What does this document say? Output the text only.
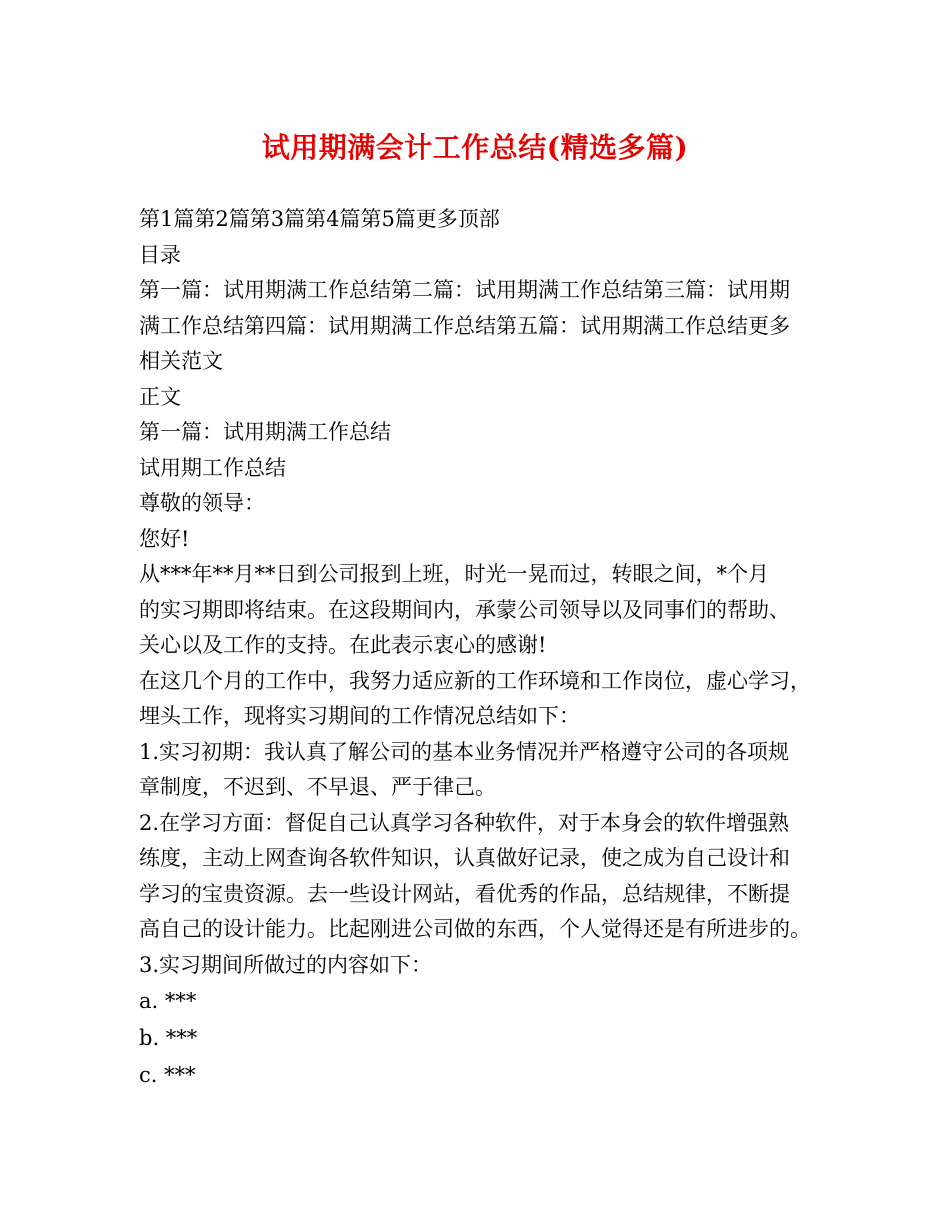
试用期满会计工作总结(精选多篇)
第1篇第2篇第3篇第4篇第5篇更多顶部
目录
第一篇：试用期满工作总结第二篇：试用期满工作总结第三篇：试用期
满工作总结第四篇：试用期满工作总结第五篇：试用期满工作总结更多
相关范文
正文
第一篇：试用期满工作总结
试用期工作总结
尊敬的领导：
您好!
从***年**月**日到公司报到上班，时光一晃而过，转眼之间，*个月
的实习期即将结束。在这段期间内，承蒙公司领导以及同事们的帮助、
关心以及工作的支持。在此表示衷心的感谢!
在这几个月的工作中，我努力适应新的工作环境和工作岗位，虚心学习，
埋头工作，现将实习期间的工作情况总结如下：
1.实习初期：我认真了解公司的基本业务情况并严格遵守公司的各项规
章制度，不迟到、不早退、严于律己。
2.在学习方面：督促自己认真学习各种软件，对于本身会的软件增强熟
练度，主动上网查询各软件知识，认真做好记录，使之成为自己设计和
学习的宝贵资源。去一些设计网站，看优秀的作品，总结规律，不断提
高自己的设计能力。比起刚进公司做的东西，个人觉得还是有所进步的。
3.实习期间所做过的内容如下：
a. ***
b. ***
c. ***
